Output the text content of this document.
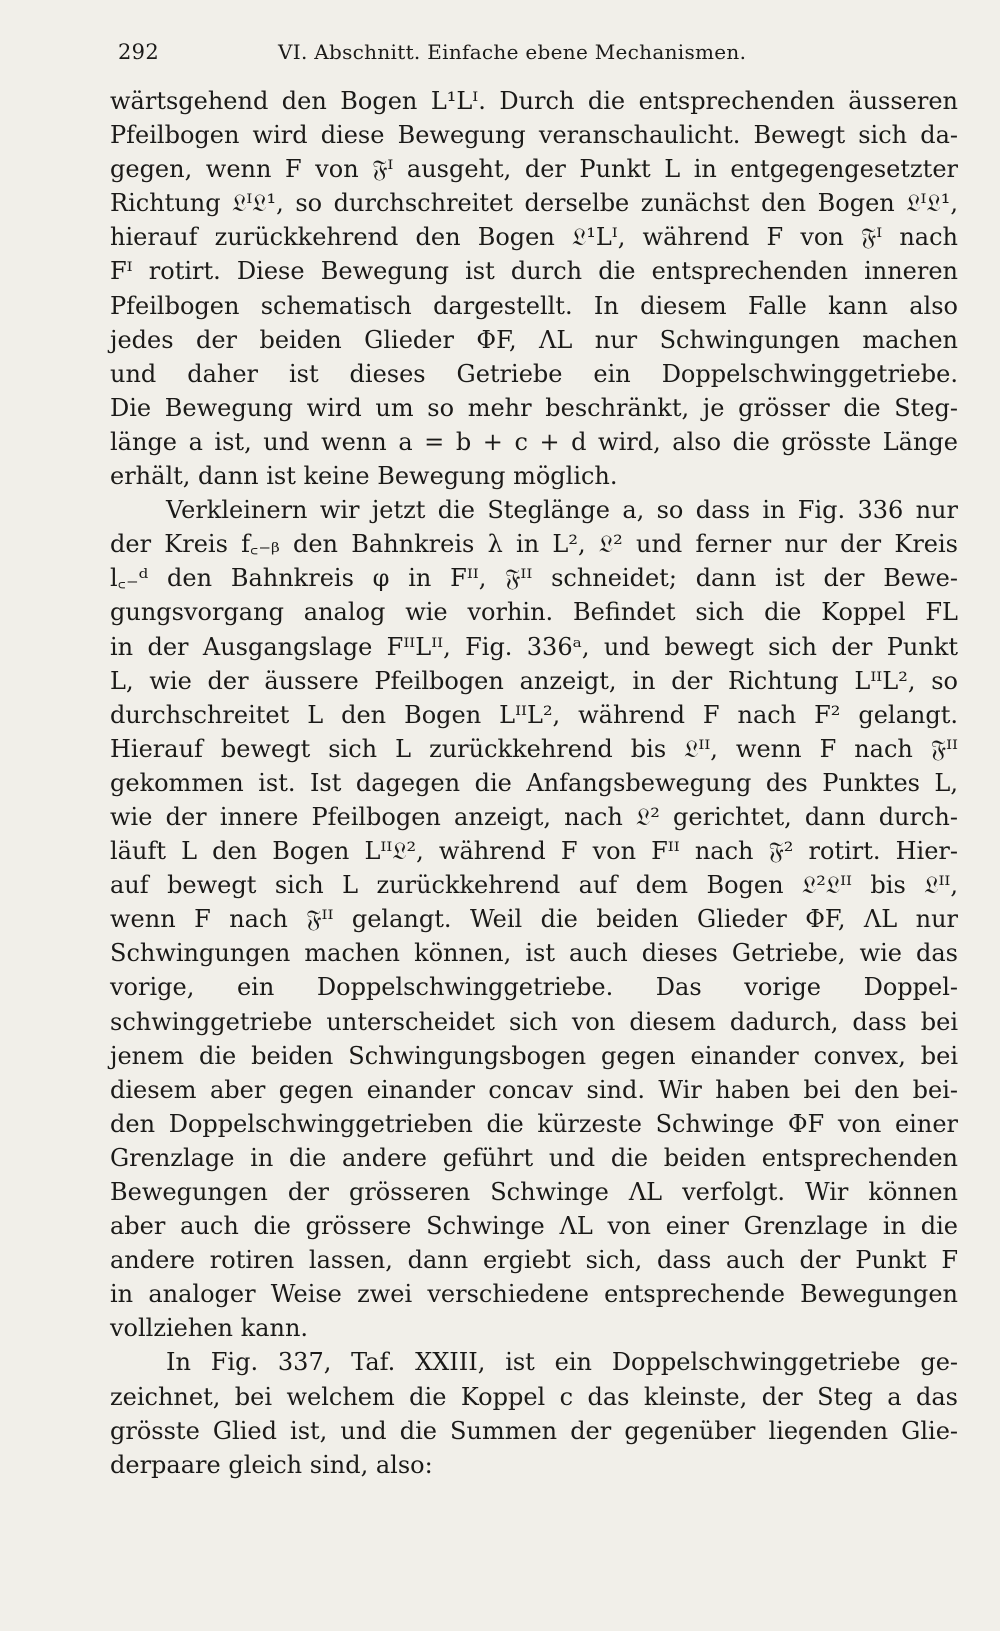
292	VI. Abschnitt. Einfache ebene Mechanismen.

wärtsgehend den Bogen L¹Lᴵ. Durch die entsprechenden äusseren
Pfeilbogen wird diese Bewegung veranschaulicht. Bewegt sich da-
gegen, wenn F von 𝔉ᴵ ausgeht, der Punkt L in entgegengesetzter
Richtung 𝔏ᴵ𝔏¹, so durchschreitet derselbe zunächst den Bogen 𝔏ᴵ𝔏¹,
hierauf zurückkehrend den Bogen 𝔏¹Lᴵ, während F von 𝔉ᴵ nach
Fᴵ rotirt. Diese Bewegung ist durch die entsprechenden inneren
Pfeilbogen schematisch dargestellt. In diesem Falle kann also
jedes der beiden Glieder ΦF, ΛL nur Schwingungen machen
und daher ist dieses Getriebe ein Doppelschwinggetriebe.
Die Bewegung wird um so mehr beschränkt, je grösser die Steg-
länge a ist, und wenn a = b + c + d wird, also die grösste Länge
erhält, dann ist keine Bewegung möglich.

Verkleinern wir jetzt die Steglänge a, so dass in Fig. 336 nur
der Kreis f꜀₋ᵦ den Bahnkreis λ in L², 𝔏² und ferner nur der Kreis
l꜀₋ᵈ den Bahnkreis φ in Fᴵᴵ, 𝔉ᴵᴵ schneidet; dann ist der Bewe-
gungsvorgang analog wie vorhin. Befindet sich die Koppel FL
in der Ausgangslage FᴵᴵLᴵᴵ, Fig. 336ᵃ, und bewegt sich der Punkt
L, wie der äussere Pfeilbogen anzeigt, in der Richtung LᴵᴵL², so
durchschreitet L den Bogen LᴵᴵL², während F nach F² gelangt.
Hierauf bewegt sich L zurückkehrend bis 𝔏ᴵᴵ, wenn F nach 𝔉ᴵᴵ
gekommen ist. Ist dagegen die Anfangsbewegung des Punktes L,
wie der innere Pfeilbogen anzeigt, nach 𝔏² gerichtet, dann durch-
läuft L den Bogen Lᴵᴵ𝔏², während F von Fᴵᴵ nach 𝔉² rotirt. Hier-
auf bewegt sich L zurückkehrend auf dem Bogen 𝔏²𝔏ᴵᴵ bis 𝔏ᴵᴵ,
wenn F nach 𝔉ᴵᴵ gelangt. Weil die beiden Glieder ΦF, ΛL nur
Schwingungen machen können, ist auch dieses Getriebe, wie das
vorige, ein Doppelschwinggetriebe. Das vorige Doppel-
schwinggetriebe unterscheidet sich von diesem dadurch, dass bei
jenem die beiden Schwingungsbogen gegen einander convex, bei
diesem aber gegen einander concav sind. Wir haben bei den bei-
den Doppelschwinggetrieben die kürzeste Schwinge ΦF von einer
Grenzlage in die andere geführt und die beiden entsprechenden
Bewegungen der grösseren Schwinge ΛL verfolgt. Wir können
aber auch die grössere Schwinge ΛL von einer Grenzlage in die
andere rotiren lassen, dann ergiebt sich, dass auch der Punkt F
in analoger Weise zwei verschiedene entsprechende Bewegungen
vollziehen kann.

In Fig. 337, Taf. XXIII, ist ein Doppelschwinggetriebe ge-
zeichnet, bei welchem die Koppel c das kleinste, der Steg a das
grösste Glied ist, und die Summen der gegenüber liegenden Glie-
derpaare gleich sind, also:
